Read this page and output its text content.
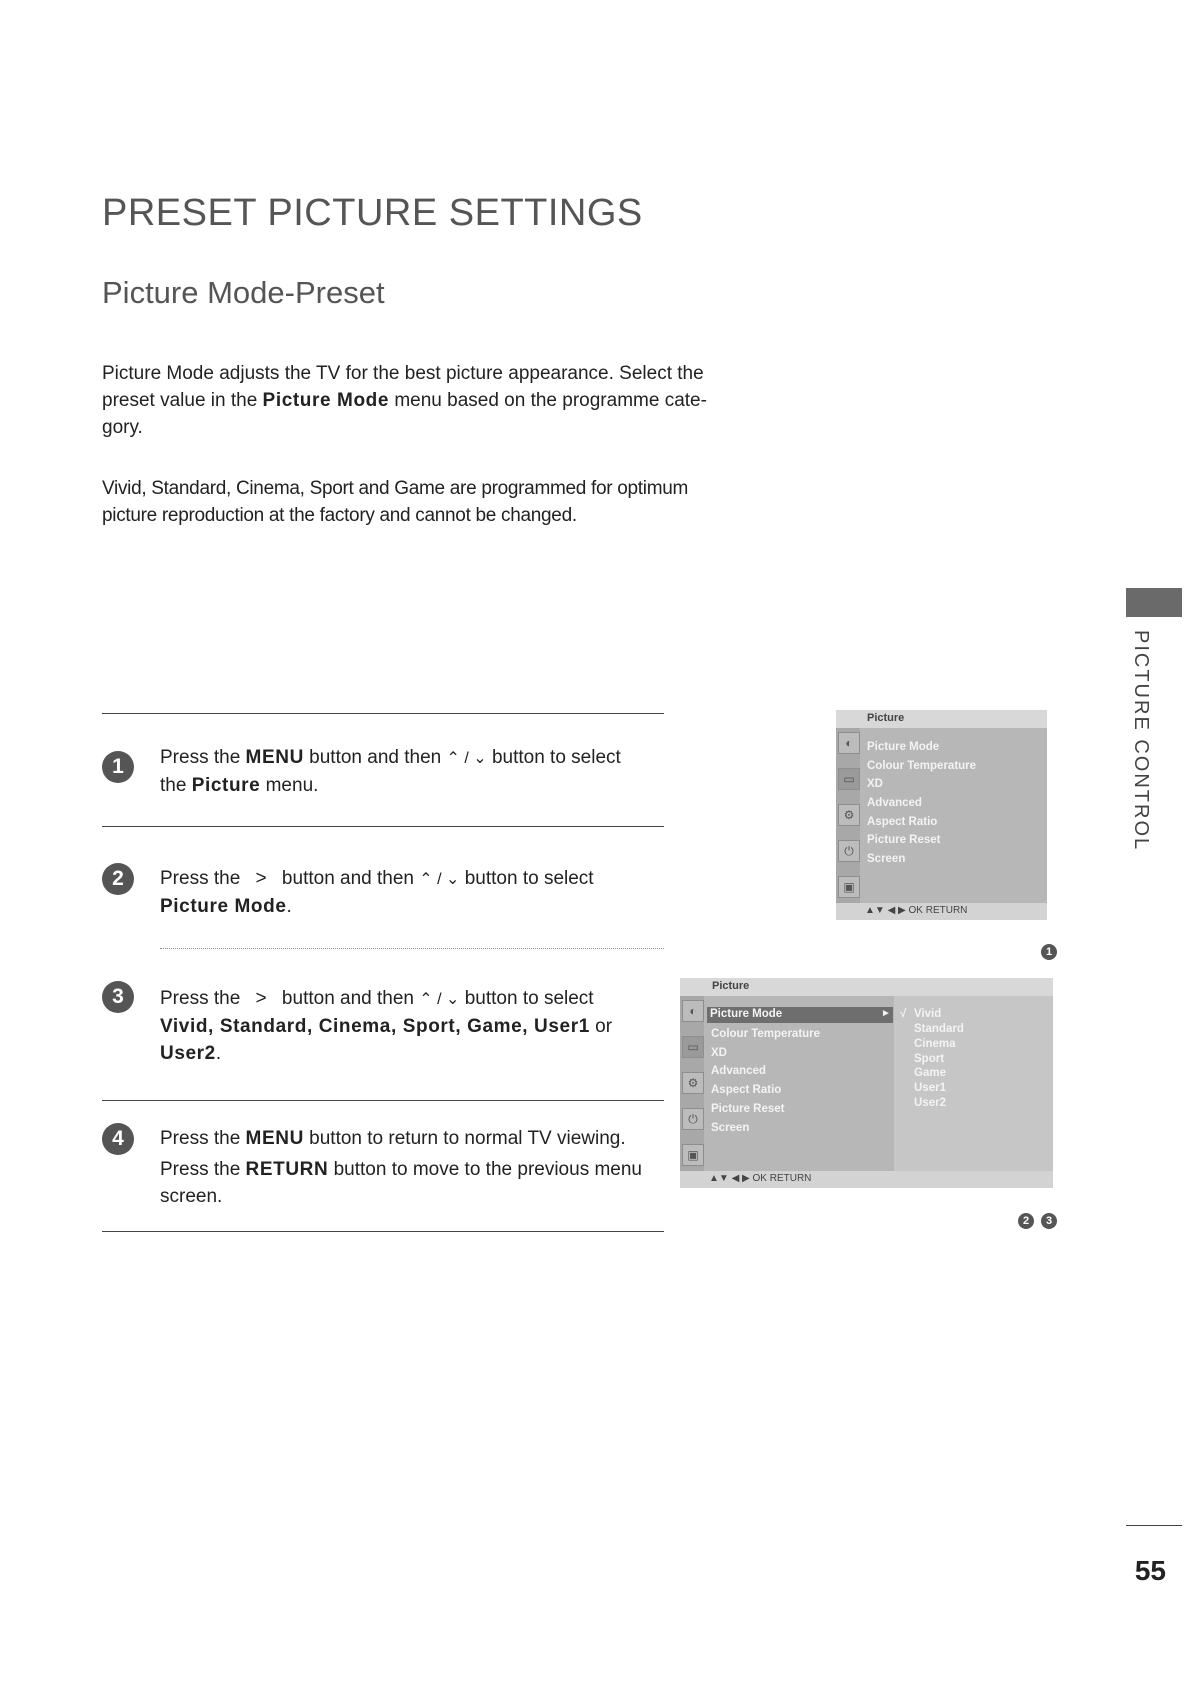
PRESET PICTURE SETTINGS
Picture Mode-Preset
Picture Mode adjusts the TV for the best picture appearance. Select the
preset value in the Picture Mode menu based on the programme cate-
gory.
Vivid, Standard, Cinema, Sport and Game are programmed for optimum
picture reproduction at the factory and cannot be changed.
1	Press the MENU button and then ⌃ / ⌄ button to select
the Picture menu.
2	Press the > button and then ⌃ / ⌄ button to select
Picture Mode.
3	Press the > button and then ⌃ / ⌄ button to select
Vivid, Standard, Cinema, Sport, Game, User1 or
User2.
4	Press the MENU button to return to normal TV viewing.
Press the RETURN button to move to the previous menu
screen.
Picture
◐
▭
⚙
⏻
▣
Picture Mode
Colour Temperature
XD
Advanced
Aspect Ratio
Picture Reset
Screen
▲▼ ◀ ▶ OK RETURN
1
Picture
◐
▭
⚙
⏻
▣
Picture Mode	►
Colour Temperature
XD
Advanced
Aspect Ratio
Picture Reset
Screen
√ Vivid
Standard
Cinema
Sport
Game
User1
User2
▲▼ ◀ ▶ OK RETURN
2	3
PICTURE CONTROL
55
